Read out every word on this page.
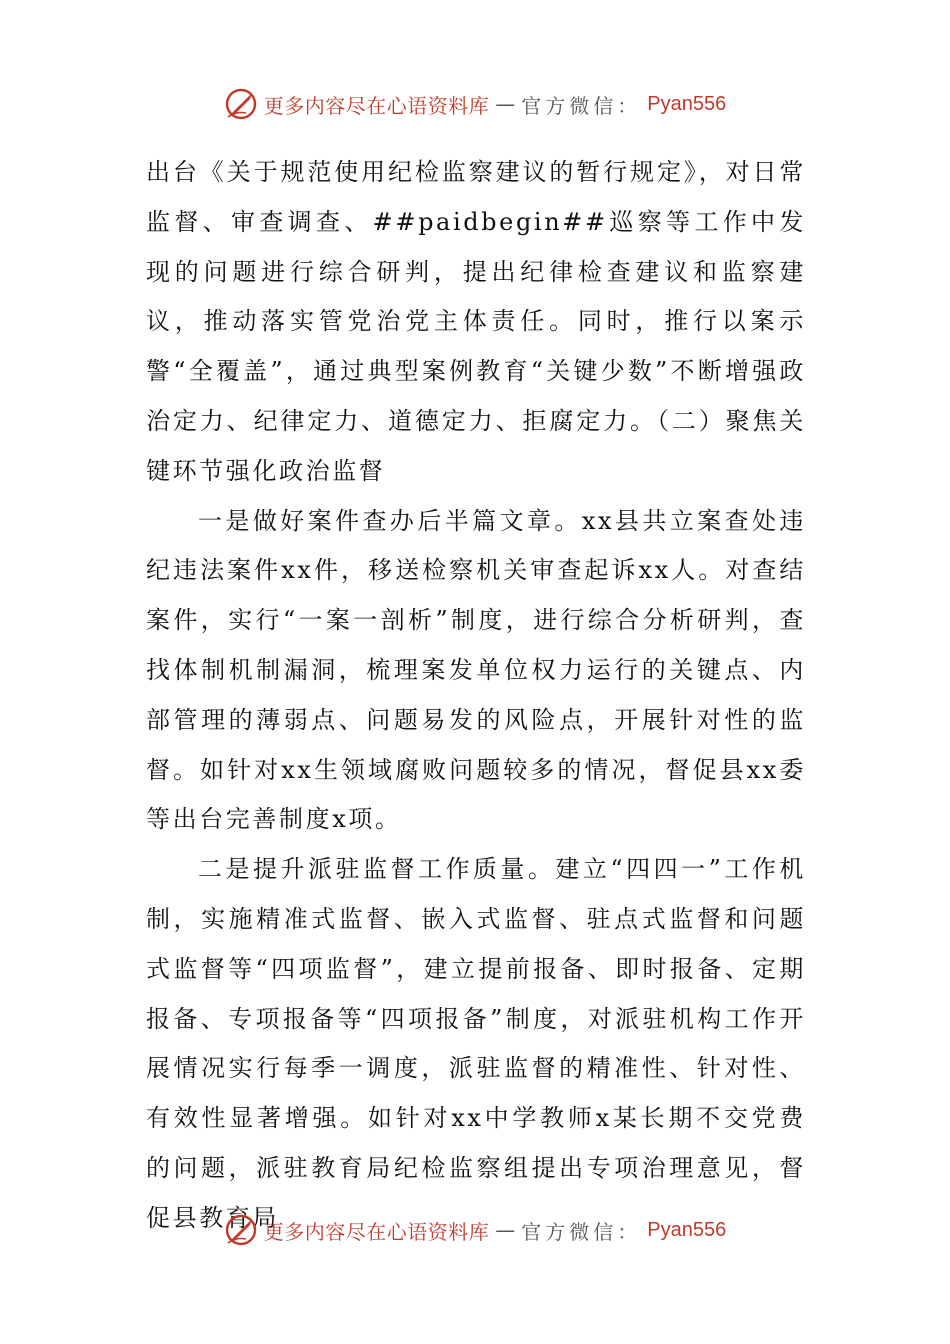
更多内容尽在心语资料库 — 官方微信： Pyan556

出台《关于规范使用纪检监察建议的暂行规定》，对日常监督、审查调查、##paidbegin##巡察等工作中发现的问题进行综合研判，提出纪律检查建议和监察建议，推动落实管党治党主体责任。同时，推行以案示警“全覆盖”，通过典型案例教育“关键少数”不断增强政治定力、纪律定力、道德定力、拒腐定力。（二）聚焦关键环节强化政治监督

一是做好案件查办后半篇文章。xx县共立案查处违纪违法案件xx件，移送检察机关审查起诉xx人。对查结案件，实行“一案一剖析”制度，进行综合分析研判，查找体制机制漏洞，梳理案发单位权力运行的关键点、内部管理的薄弱点、问题易发的风险点，开展针对性的监督。如针对xx生领域腐败问题较多的情况，督促县xx委等出台完善制度x项。

二是提升派驻监督工作质量。建立“四四一”工作机制，实施精准式监督、嵌入式监督、驻点式监督和问题式监督等“四项监督”，建立提前报备、即时报备、定期报备、专项报备等“四项报备”制度，对派驻机构工作开展情况实行每季一调度，派驻监督的精准性、针对性、有效性显著增强。如针对xx中学教师x某长期不交党费的问题，派驻教育局纪检监察组提出专项治理意见，督促县教育局

更多内容尽在心语资料库 — 官方微信： Pyan556
